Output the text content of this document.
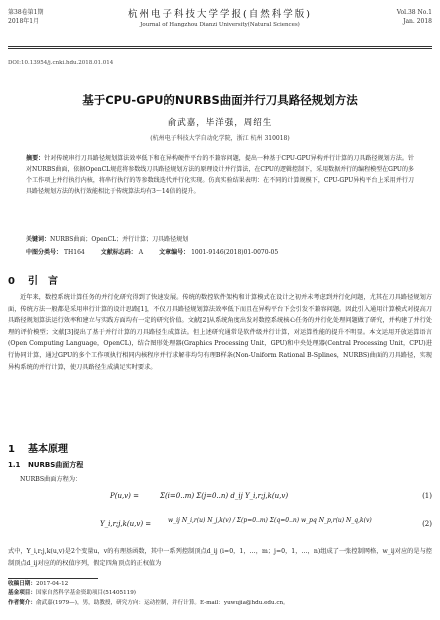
第38卷第1期
2018年1月
杭州电子科技大学学报(自然科学版)
Journal of Hangzhou Dianzi University(Natural Sciences)
Vol.38 No.1
Jan. 2018
DOI:10.13954/j.cnki.hdu.2018.01.014
基于CPU-GPU的NURBS曲面并行刀具路径规划方法
俞武嘉，毕洋强，周绍生
(杭州电子科技大学自动化学院，浙江 杭州 310018)
摘要：针对传统串行刀具路径规划算法效率低下和在异构硬件平台的不兼容问题，提出一种基于CPU-GPU异构并行计算的刀具路径规划方法。针对NURBS曲面，依据OpenCL规范将参数线刀具路径规划方法的原理设计并行算法，在CPU的逻辑控制下，采用数据并行的编程模型在GPU的多个工作项上并行执行内核，将串行执行的等参数线迭代并行化实现。仿真实验结果表明：在不同的计算规模下，CPU-GPU异构平台上采用并行刀具路径规划方法的执行效能相比于传统算法均有3～14倍的提升。
关键词：NURBS曲面；OpenCL；并行计算；刀具路径规划
中图分类号： TH164	文献标志码： A	文章编号： 1001-9146(2018)01-0070-05
0 引　言

近年来，数控系统计算任务的并行化研究得到了快速发展。传统的数控软件架构和计算模式在设计之初并未考虑到并行化问题，尤其在刀具路径规划方面，传统方法一般都是采用串行计算的设计思路[1]，不仅刀具路径规划算法效率低下而且在异构平台下会引发不兼容问题。因此引入通用计算模式对提高刀具路径规划算法运行效率和建立与实践方面均有一定的研究价值。文献[2]从系统角度出发对数控系统核心任务的并行化处理问题做了研究，并构建了并行处理的评价模型；文献[3]提出了基于并行计算的刀具路径生成算法。但上述研究通常是软件级并行计算，对运算性能的提升不明显。本文运用开放运算语言(Open Computing Language，OpenCL)，结合图形处理器(Graphics Processing Unit，GPU)和中央处理器(Central Processing Unit，CPU)进行协同计算，通过GPU的多个工作项执行相同内核程序并行求解非均匀有理B样条(Non-Uniform Rational B-Splines，NURBS)曲面的刀具路径，实现异构系统的并行计算，使刀具路径生成满足实时要求。

1 基本原理
1.1 NURBS曲面方程

NURBS曲面方程为：

P(u,v) =	Σ(i=0..m) Σ(j=0..n) d_ij Y_i,r;j,k(u,v)	(1)
Y_i,r;j,k(u,v) =	w_ij N_i,r(u) N_j,k(v) / Σ(p=0..m) Σ(q=0..n) w_pq N_p,r(u) N_q,k(v)	(2)

式中，Y_i,r;j,k(u,v)是2个变量u，v的有理基函数，其中一系列控制顶点d_ij (i=0，1，…，m；j=0，1，…，n)组成了一张控制网格，w_ij对应的是与控制顶点d_ij对应的的权值序列，假定四角顶点的正权值为

收稿日期：2017-04-12
基金项目：国家自然科学基金资助项目(51405119)
作者简介：俞武嘉(1979—)，男，助教授，研究方向：运动控制，并行计算。E-mail：yuwujia@hdu.edu.cn。
